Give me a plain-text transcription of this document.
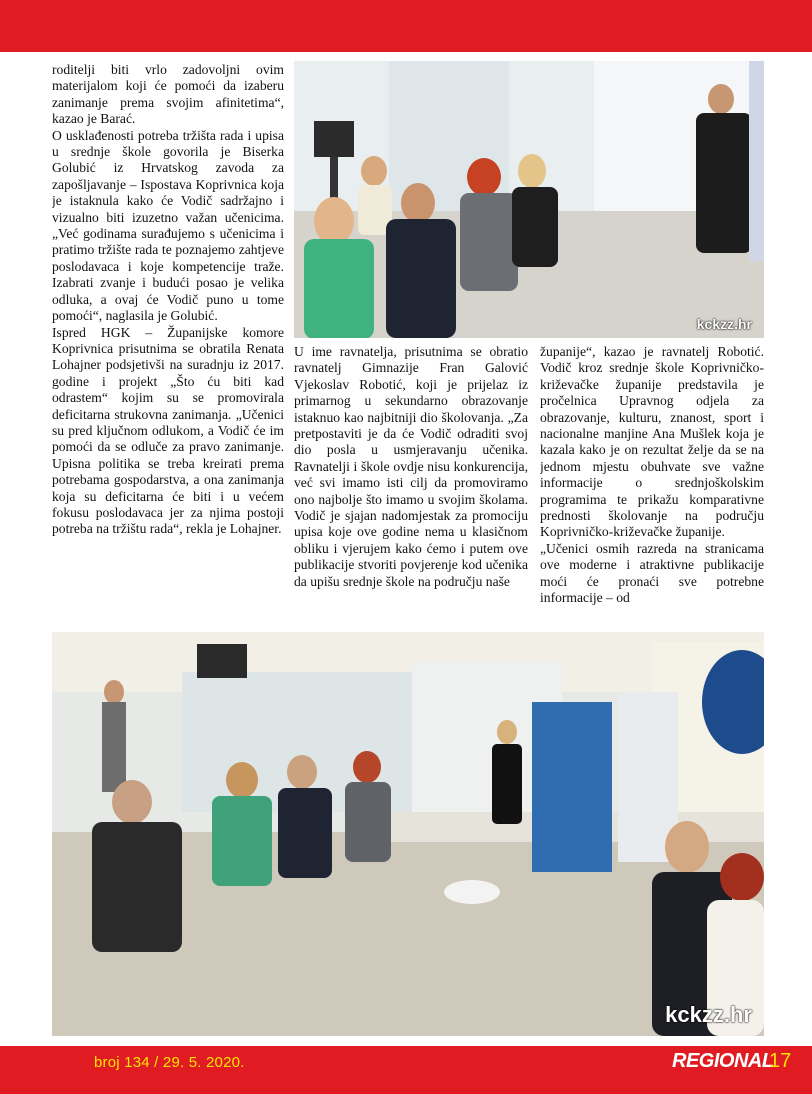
roditelji biti vrlo zadovoljni ovim materijalom koji će pomoći da izaberu zanimanje prema svojim afinitetima“, kazao je Barać.

O usklađenosti potreba tržišta rada i upisa u srednje škole govorila je Biserka Golubić iz Hrvatskog zavoda za zapošljavanje – Ispostava Koprivnica koja je istaknula kako će Vodič sadržajno i vizualno biti izuzetno važan učenicima. „Već godinama surađujemo s učenicima i pratimo tržište rada te poznajemo zahtjeve poslodavaca i koje kompetencije traže. Izabrati zvanje i budući posao je velika odluka, a ovaj će Vodič puno u tome pomoći“, naglasila je Golubić.

Ispred HGK – Županijske komore Koprivnica prisutnima se obratila Renata Lohajner podsjetivši na suradnju iz 2017. godine i projekt „Što ću biti kad odrastem“ kojim su se promovirala deficitarna strukovna zanimanja. „Učenici su pred ključnom odlukom, a Vodič će im pomoći da se odluče za pravo zanimanje. Upisna politika se treba kreirati prema potrebama gospodarstva, a ona zanimanja koja su deficitarna će biti i u većem fokusu poslodavaca jer za njima postoji potreba na tržištu rada“, rekla je Lohajner.

kckzz.hr

U ime ravnatelja, prisutnima se obratio ravnatelj Gimnazije Fran Galović Vjekoslav Robotić, koji je prijelaz iz primarnog u sekundarno obrazovanje istaknuo kao najbitniji dio školovanja. „Za pretpostaviti je da će Vodič odraditi svoj dio posla u usmjeravanju učenika. Ravnatelji i škole ovdje nisu konkurencija, već svi imamo isti cilj da promoviramo ono najbolje što imamo u svojim školama. Vodič je sjajan nadomjestak za promociju upisa koje ove godine nema u klasičnom obliku i vjerujem kako ćemo i putem ove publikacije stvoriti povjerenje kod učenika da upišu srednje škole na području naše

županije“, kazao je ravnatelj Robotić. Vodič kroz srednje škole Koprivničko-križevačke županije predstavila je pročelnica Upravnog odjela za obrazovanje, kulturu, znanost, sport i nacionalne manjine Ana Mušlek koja je kazala kako je on rezultat želje da se na jednom mjestu obuhvate sve važne informacije o srednjoškolskim programima te prikažu komparativne prednosti školovanje na području Koprivničko-križevačke županije.

„Učenici osmih razreda na stranicama ove moderne i atraktivne publikacije moći će pronaći sve potrebne informacije – od

kckzz.hr
broj 134 / 29. 5. 2020.	REGIONAL
17
